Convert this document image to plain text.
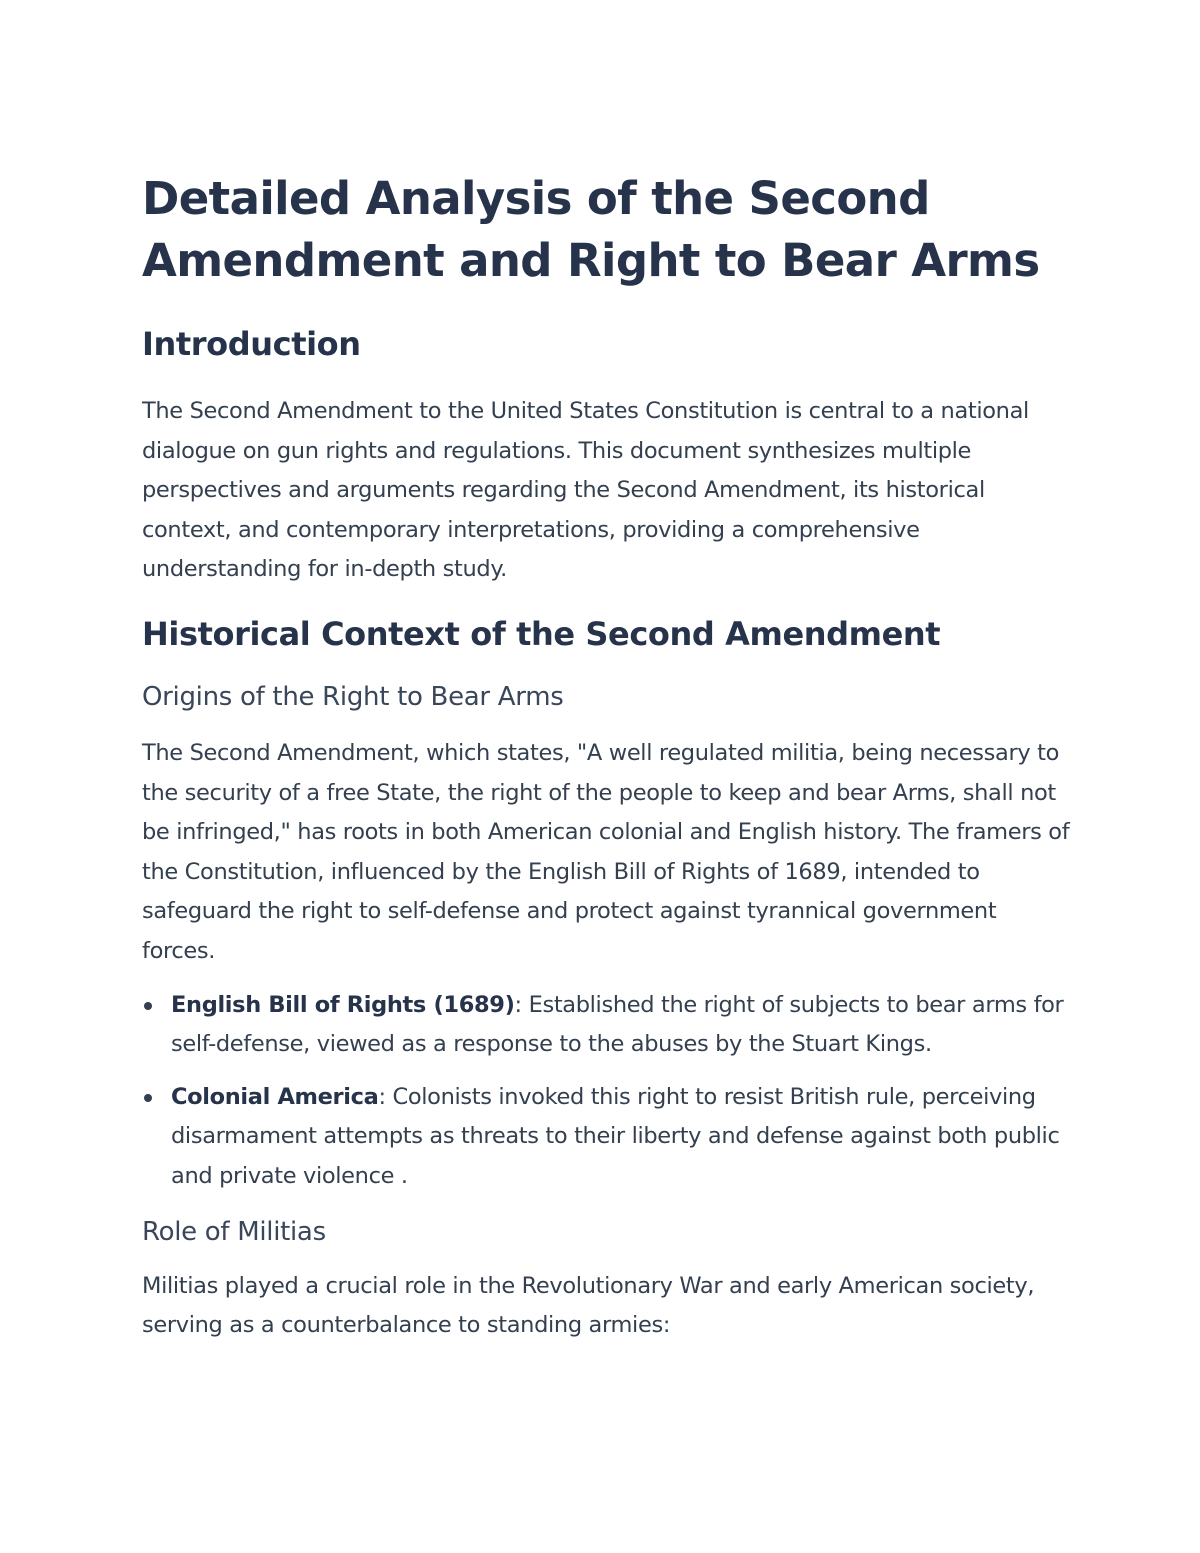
Detailed Analysis of the Second Amendment and Right to Bear Arms
Introduction

The Second Amendment to the United States Constitution is central to a national dialogue on gun rights and regulations. This document synthesizes multiple perspectives and arguments regarding the Second Amendment, its historical context, and contemporary interpretations, providing a comprehensive understanding for in-depth study.

Historical Context of the Second Amendment
Origins of the Right to Bear Arms

The Second Amendment, which states, "A well regulated militia, being necessary to the security of a free State, the right of the people to keep and bear Arms, shall not be infringed," has roots in both American colonial and English history. The framers of the Constitution, influenced by the English Bill of Rights of 1689, intended to safeguard the right to self-defense and protect against tyrannical government forces.

English Bill of Rights (1689): Established the right of subjects to bear arms for self-defense, viewed as a response to the abuses by the Stuart Kings.
Colonial America: Colonists invoked this right to resist British rule, perceiving disarmament attempts as threats to their liberty and defense against both public and private violence .
Role of Militias

Militias played a crucial role in the Revolutionary War and early American society, serving as a counterbalance to standing armies:
